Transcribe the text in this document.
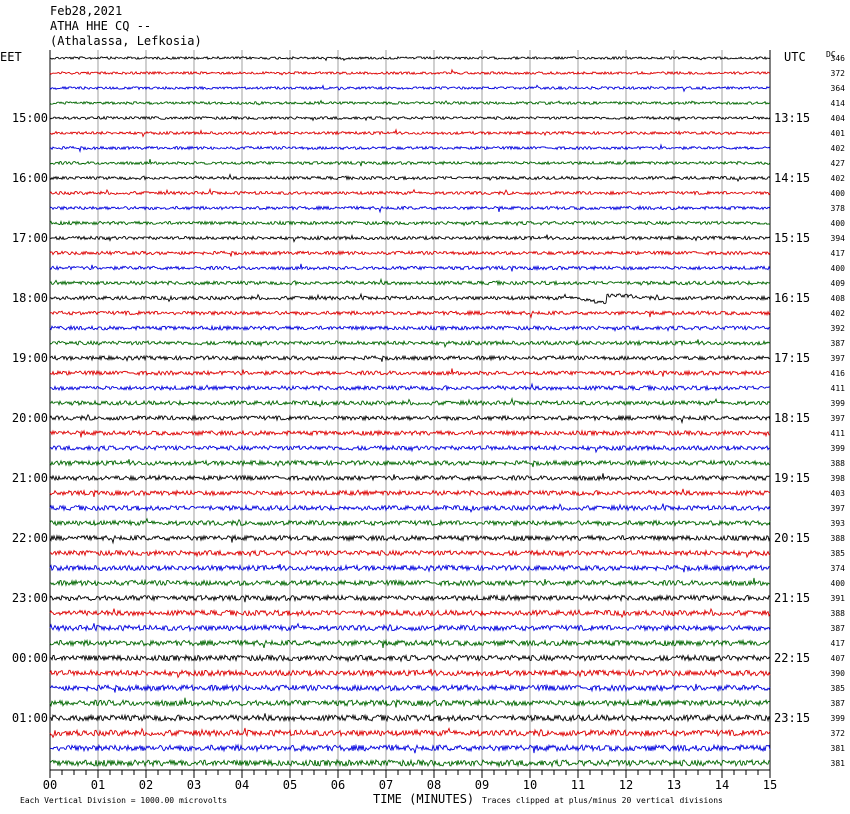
Feb28,2021
ATHA HHE CQ --
(Athalassa, Lefkosia)
00	01	02	03	04	05	06	07	08	09	10	11	12	13	14	15
EET	UTC	DC
15:00
16:00
17:00
18:00
19:00
20:00
21:00
22:00
23:00
00:00
01:00
13:15
14:15
15:15
16:15
17:15
18:15
19:15
20:15
21:15
22:15
23:15
346
372
364
414
404
401
402
427
402
400
378
400
394
417
400
409
408
402
392
387
397
416
411
399
397
411
399
388
398
403
397
393
388
385
374
400
391
388
387
417
407
390
385
387
399
372
381
381
Each Vertical Division = 1000.00 microvolts	TIME (MINUTES) Traces clipped at plus/minus 20 vertical divisions
